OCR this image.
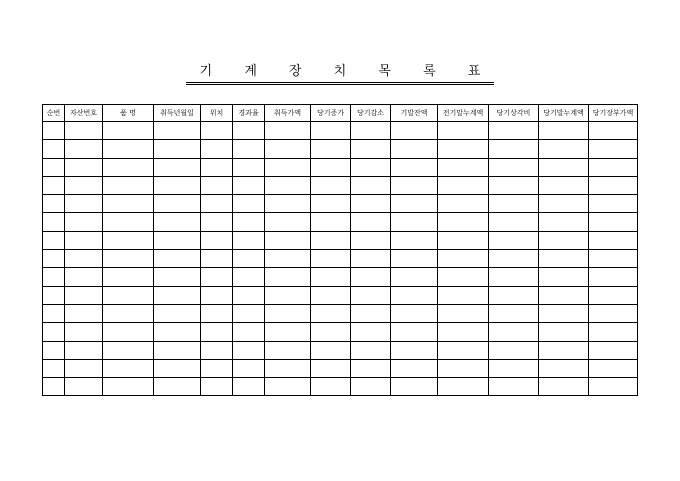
기 계 장 치 목 록 표
순번	자산번호	품 명	취득년월일	위치	경과율	취득가액	당기증가	당기감소	기말잔액	전기말누계액	당기상각비	당기말누계액	당기장부가액
